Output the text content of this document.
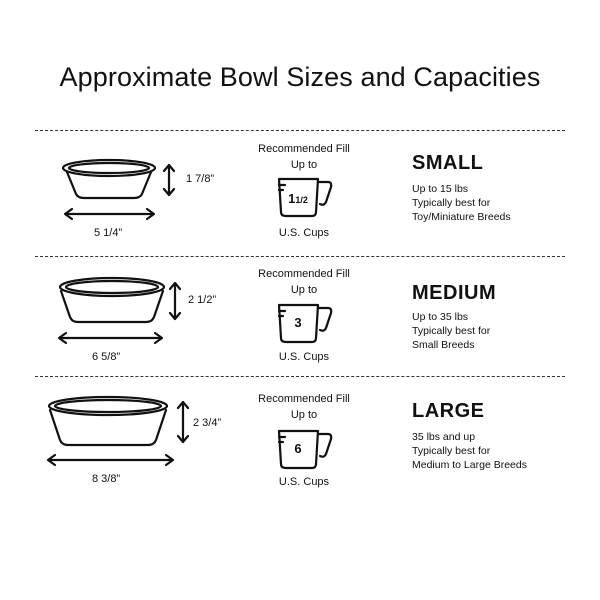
Approximate Bowl Sizes and Capacities
1 7/8”
5 1/4”
Recommended Fill
Up to
11/2
U.S. Cups
SMALL
Up to 15 lbs
Typically best for
Toy/Miniature Breeds
2 1/2”
6 5/8”
Recommended Fill
Up to
3
U.S. Cups
MEDIUM
Up to 35 lbs
Typically best for
Small Breeds
2 3/4”
8 3/8”
Recommended Fill
Up to
6
U.S. Cups
LARGE
35 lbs and up
Typically best for
Medium to Large Breeds
